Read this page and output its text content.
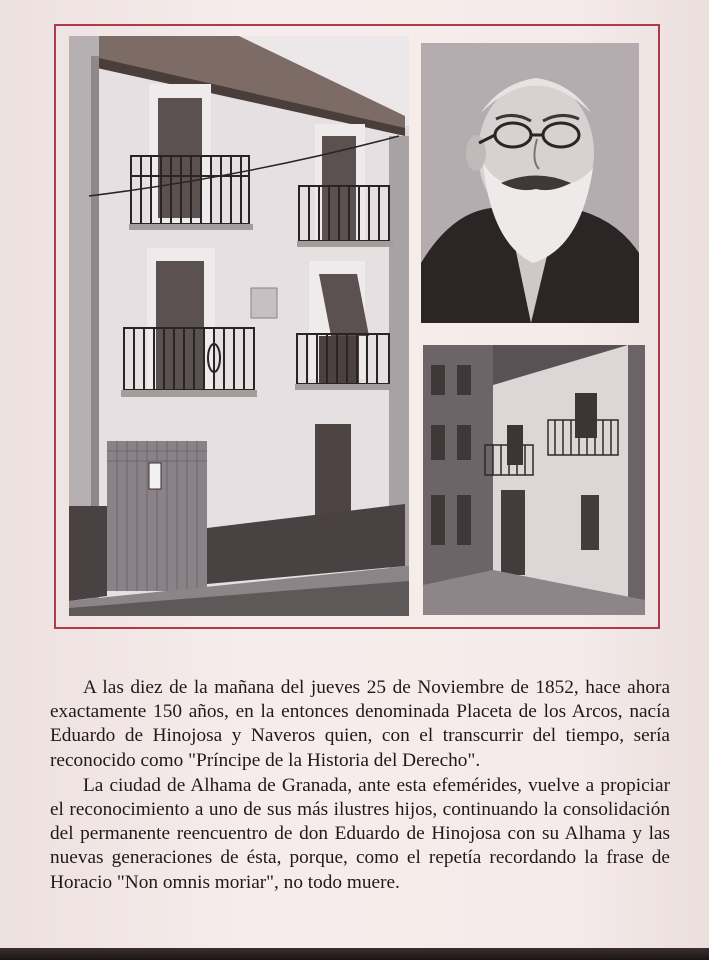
A las diez de la mañana del jueves 25 de Noviembre de 1852, hace ahora exactamente 150 años, en la entonces denominada Placeta de los Arcos, nacía Eduardo de Hinojosa y Naveros quien, con el transcurrir del tiempo, sería reconocido como "Príncipe de la Historia del Derecho".

La ciudad de Alhama de Granada, ante esta efemérides, vuelve a propiciar el reconocimiento a uno de sus más ilustres hijos, continuando la consolidación del permanente reencuentro de don Eduardo de Hinojosa con su Alhama y las nuevas generaciones de ésta, porque, como el repetía recordando la frase de Horacio "Non omnis moriar", no todo muere.
